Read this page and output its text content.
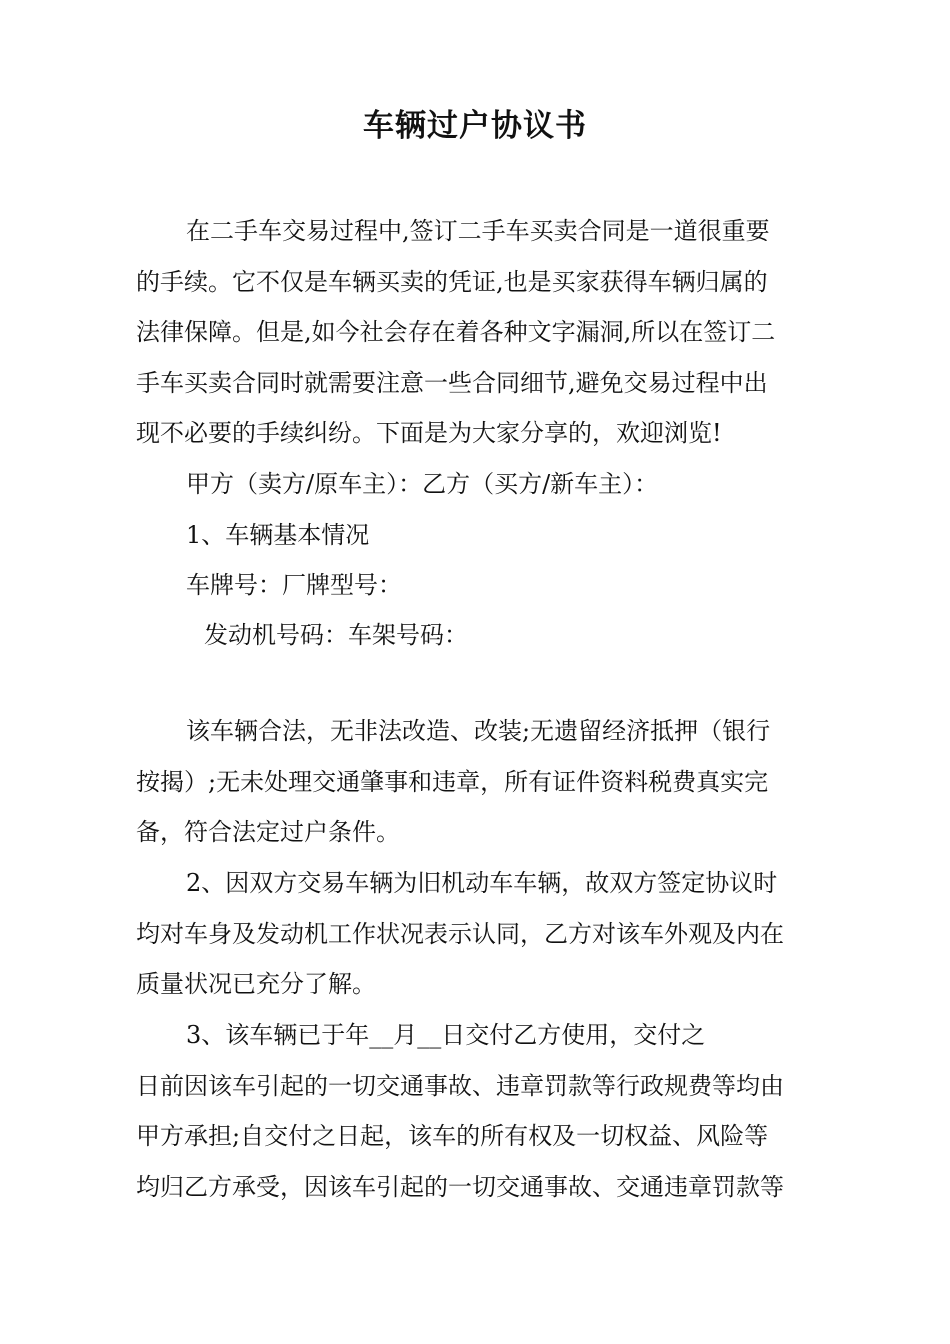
车辆过户协议书

在二手车交易过程中,签订二手车买卖合同是一道很重要
的手续。它不仅是车辆买卖的凭证,也是买家获得车辆归属的
法律保障。但是,如今社会存在着各种文字漏洞,所以在签订二
手车买卖合同时就需要注意一些合同细节,避免交易过程中出
现不必要的手续纠纷。下面是为大家分享的，欢迎浏览!

甲方（卖方/原车主）：乙方（买方/新车主）：

1、车辆基本情况

车牌号：厂牌型号：

发动机号码：车架号码：

该车辆合法，无非法改造、改装;无遗留经济抵押（银行
按揭）;无未处理交通肇事和违章，所有证件资料税费真实完
备，符合法定过户条件。

2、因双方交易车辆为旧机动车车辆，故双方签定协议时
均对车身及发动机工作状况表示认同，乙方对该车外观及内在
质量状况已充分了解。

3、该车辆已于年__月__日交付乙方使用，交付之
日前因该车引起的一切交通事故、违章罚款等行政规费等均由
甲方承担;自交付之日起，该车的所有权及一切权益、风险等
均归乙方承受，因该车引起的一切交通事故、交通违章罚款等
